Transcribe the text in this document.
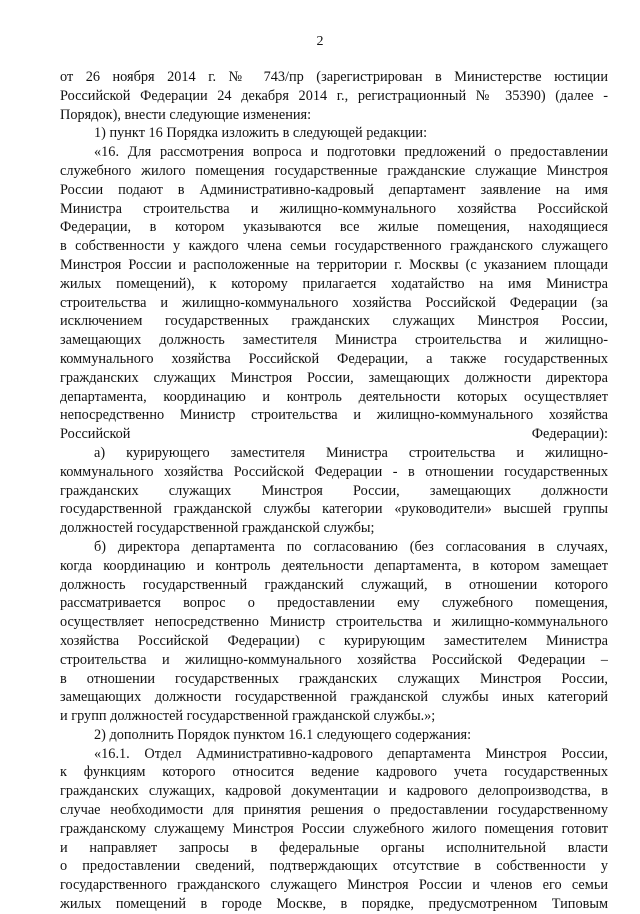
2
от 26 ноября 2014 г. № 743/пр (зарегистрирован в Министерстве юстиции
Российской Федерации 24 декабря 2014 г., регистрационный № 35390) (далее -
Порядок), внести следующие изменения:
1) пункт 16 Порядка изложить в следующей редакции:
«16. Для рассмотрения вопроса и подготовки предложений о предоставлении
служебного жилого помещения государственные гражданские служащие Минстроя
России подают в Административно-кадровый департамент заявление на имя
Министра строительства и жилищно-коммунального хозяйства Российской
Федерации, в котором указываются все жилые помещения, находящиеся
в собственности у каждого члена семьи государственного гражданского служащего
Минстроя России и расположенные на территории г. Москвы (с указанием площади
жилых помещений), к которому прилагается ходатайство на имя Министра
строительства и жилищно-коммунального хозяйства Российской Федерации (за
исключением государственных гражданских служащих Минстроя России,
замещающих должность заместителя Министра строительства и жилищно-
коммунального хозяйства Российской Федерации, а также государственных
гражданских служащих Минстроя России, замещающих должности директора
департамента, координацию и контроль деятельности которых осуществляет
непосредственно Министр строительства и жилищно-коммунального хозяйства
Российской Федерации):
а) курирующего заместителя Министра строительства и жилищно-
коммунального хозяйства Российской Федерации - в отношении государственных
гражданских служащих Минстроя России, замещающих должности
государственной гражданской службы категории «руководители» высшей группы
должностей государственной гражданской службы;
б) директора департамента по согласованию (без согласования в случаях,
когда координацию и контроль деятельности департамента, в котором замещает
должность государственный гражданский служащий, в отношении которого
рассматривается вопрос о предоставлении ему служебного помещения,
осуществляет непосредственно Министр строительства и жилищно-коммунального
хозяйства Российской Федерации) с курирующим заместителем Министра
строительства и жилищно-коммунального хозяйства Российской Федерации –
в отношении государственных гражданских служащих Минстроя России,
замещающих должности государственной гражданской службы иных категорий
и групп должностей государственной гражданской службы.»;
2) дополнить Порядок пунктом 16.1 следующего содержания:
«16.1. Отдел Административно-кадрового департамента Минстроя России,
к функциям которого относится ведение кадрового учета государственных
гражданских служащих, кадровой документации и кадрового делопроизводства, в
случае необходимости для принятия решения о предоставлении государственному
гражданскому служащему Минстроя России служебного жилого помещения готовит
и направляет запросы в федеральные органы исполнительной власти
о предоставлении сведений, подтверждающих отсутствие в собственности у
государственного гражданского служащего Минстроя России и членов его семьи
жилых помещений в городе Москве, в порядке, предусмотренном Типовым
